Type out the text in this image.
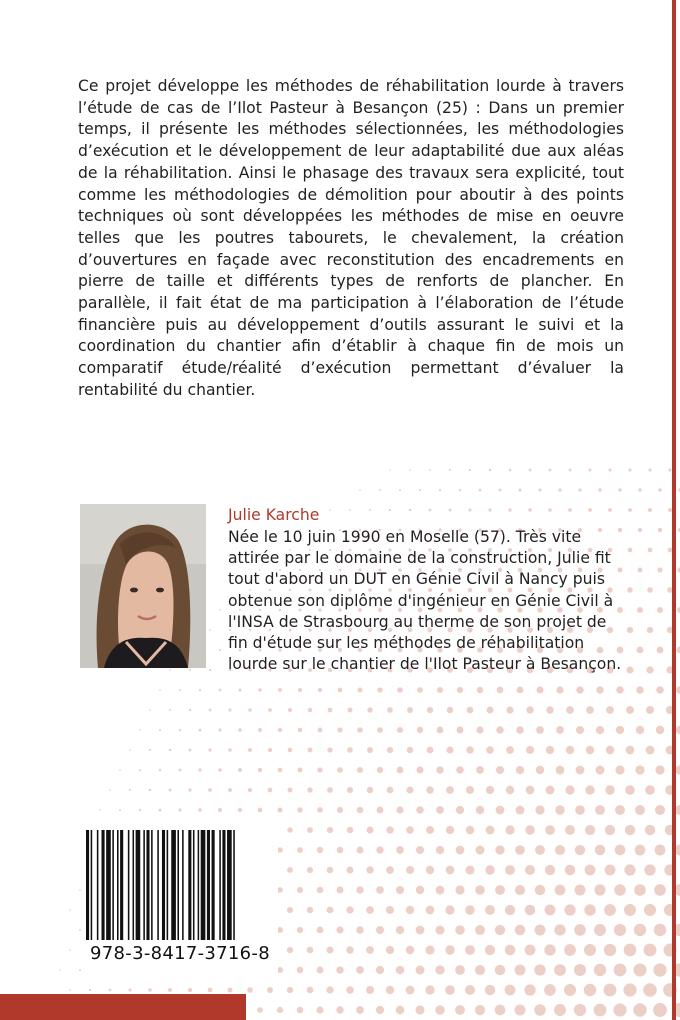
Ce projet développe les méthodes de réhabilitation lourde à travers l’étude de cas de l’Ilot Pasteur à Besançon (25) : Dans un premier temps, il présente les méthodes sélectionnées, les méthodologies d’exécution et le développement de leur adaptabilité due aux aléas de la réhabilitation. Ainsi le phasage des travaux sera explicité, tout comme les méthodologies de démolition pour aboutir à des points techniques où sont développées les méthodes de mise en oeuvre telles que les poutres tabourets, le chevalement, la création d’ouvertures en façade avec reconstitution des encadrements en pierre de taille et différents types de renforts de plancher. En parallèle, il fait état de ma participation à l’élaboration de l’étude financière puis au développement d’outils assurant le suivi et la coordination du chantier afin d’établir à chaque fin de mois un comparatif étude/réalité d’exécution permettant d’évaluer la rentabilité du chantier.

Julie Karche

Née le 10 juin 1990 en Moselle (57). Très vite attirée par le domaine de la construction, Julie fit tout d'abord un DUT en Génie Civil à Nancy puis obtenue son diplôme d'ingénieur en Génie Civil à l'INSA de Strasbourg au therme de son projet de fin d'étude sur les méthodes de réhabilitation lourde sur le chantier de l'Ilot Pasteur à Besançon.

978-3-8417-3716-8
